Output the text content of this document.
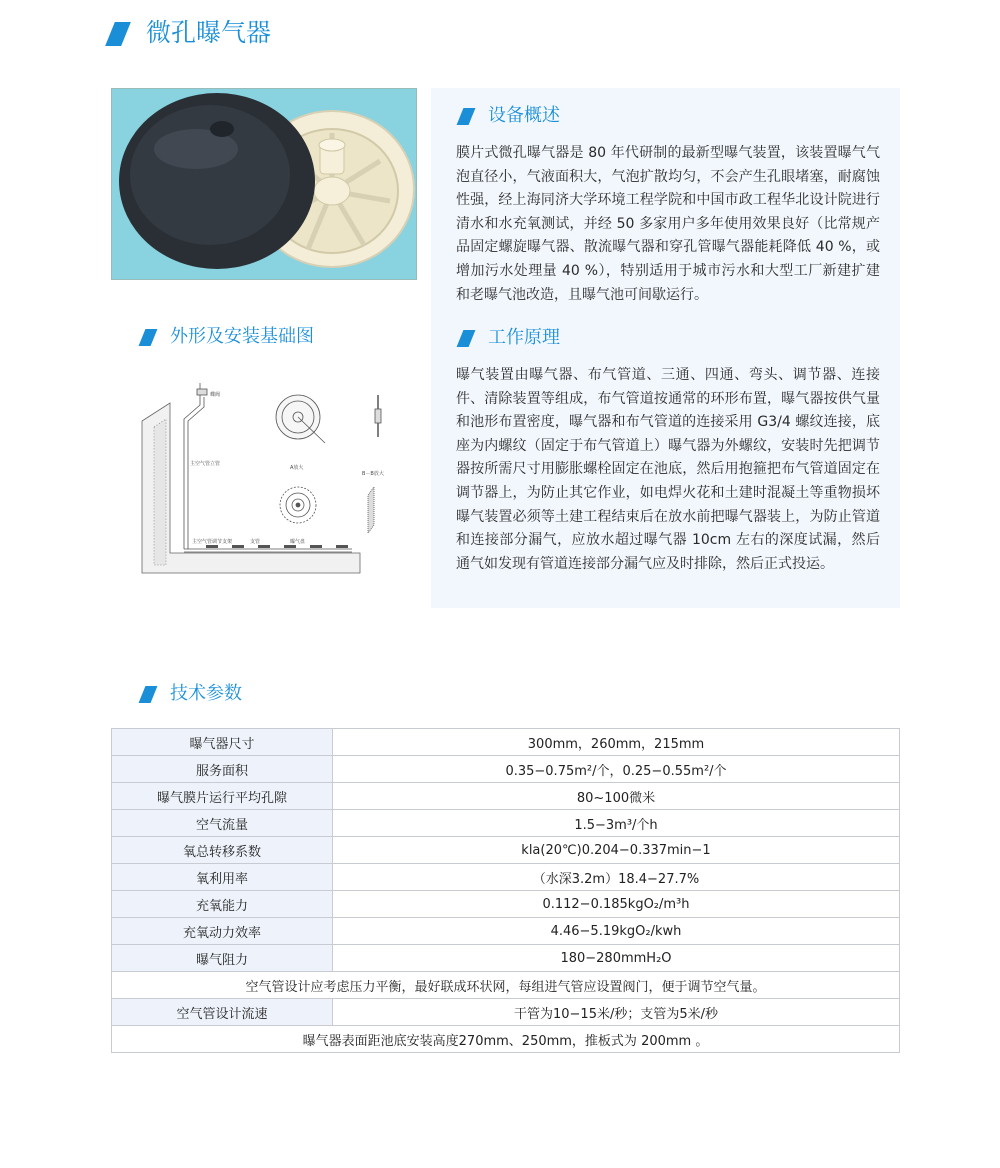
微孔曝气器
设备概述
膜片式微孔曝气器是 80 年代研制的最新型曝气装置，该装置曝气气泡直径小，气液面积大，气泡扩散均匀，不会产生孔眼堵塞，耐腐蚀性强，经上海同济大学环境工程学院和中国市政工程华北设计院进行清水和水充氧测试，并经 50 多家用户多年使用效果良好（比常规产品固定螺旋曝气器、散流曝气器和穿孔管曝气器能耗降低 40 %，或增加污水处理量 40 %），特别适用于城市污水和大型工厂新建扩建和老曝气池改造，且曝气池可间歇运行。
工作原理
曝气装置由曝气器、布气管道、三通、四通、弯头、调节器、连接件、清除装置等组成，布气管道按通常的环形布置，曝气器按供气量和池形布置密度，曝气器和布气管道的连接采用 G3/4 螺纹连接，底座为内螺纹（固定于布气管道上）曝气器为外螺纹，安装时先把调节器按所需尺寸用膨胀螺栓固定在池底，然后用抱箍把布气管道固定在调节器上，为防止其它作业，如电焊火花和土建时混凝土等重物损坏曝气装置必须等土建工程结束后在放水前把曝气器装上，为防止管道和连接部分漏气，应放水超过曝气器 10cm 左右的深度试漏，然后通气如发现有管道连接部分漏气应及时排除，然后正式投运。
外形及安装基础图
蝶阀
主空气管立管
主空气管调节支架	支管	曝气盘
A放大
B－B放大
技术参数
曝气器尺寸	300mm，260mm，215mm
服务面积	0.35−0.75m²/个，0.25−0.55m²/个
曝气膜片运行平均孔隙	80~100微米
空气流量	1.5−3m³/个h
氧总转移系数	kla(20℃)0.204−0.337min−1
氧利用率	（水深3.2m）18.4−27.7%
充氧能力	0.112−0.185kgO₂/m³h
充氧动力效率	4.46−5.19kgO₂/kwh
曝气阻力	180−280mmH₂O
空气管设计应考虑压力平衡，最好联成环状网，每组进气管应设置阀门，便于调节空气量。	
空气管设计流速	干管为10−15米/秒；支管为5米/秒
曝气器表面距池底安装高度270mm、250mm，推板式为 200mm 。	
